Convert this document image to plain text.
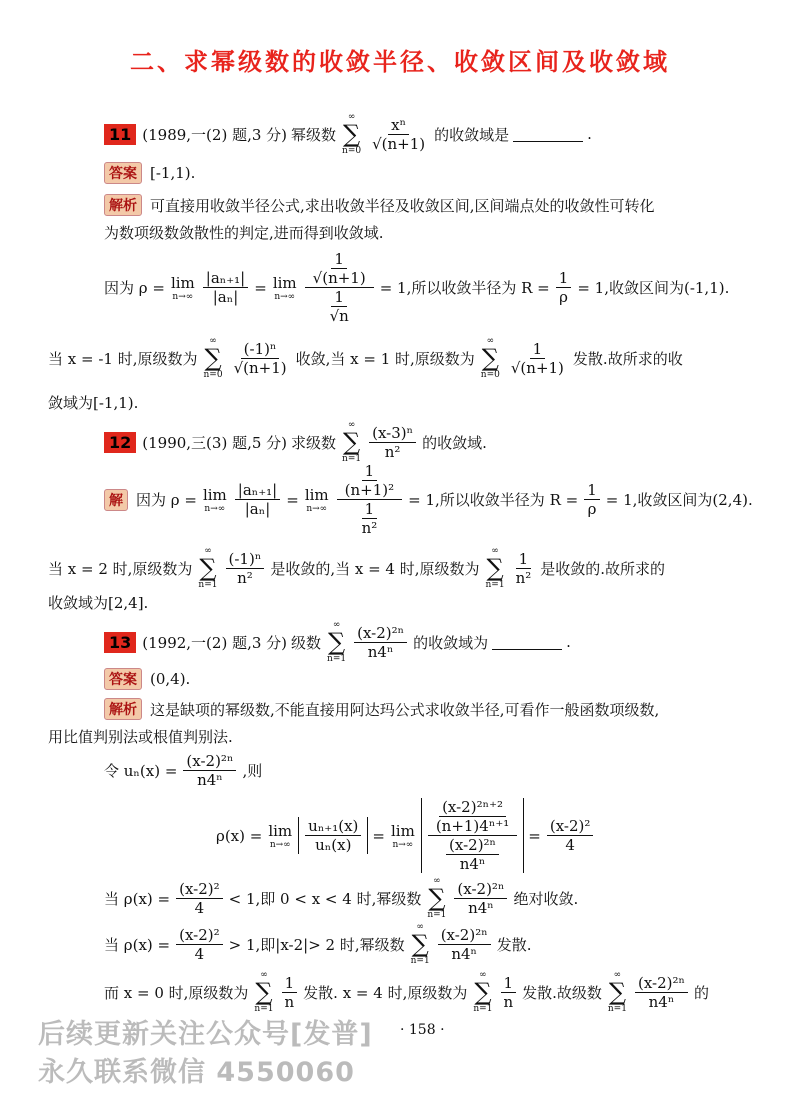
二、求幂级数的收敛半径、收敛区间及收敛域
11 (1989,一(2) 题,3 分) 幂级数
∞
∑
$n=0 \frac{\text{xⁿ}}{√(n+1)}$ 的收敛域是	.
答案 [-1,1).
解析 可直接用收敛半径公式,求出收敛半径及收敛区间,区间端点处的收敛性可转化
为数项级数敛散性的判定,进而得到收敛域.
因为 ρ = lim
$n\to\infty \frac{\text{|aₙ₊₁|}}{\text{|aₙ|}} = \lim$
$n\to\infty \frac{\frac{1}{√(n+1)}}{\frac{1}{√n}} = 1$,所以收敛半径为 $R = \frac{1}{\rho} = 1$,收敛区间为(-1,1).
当 x = -1 时,原级数为
∞
∑
$n=0 \frac{\text{(-1)ⁿ}}{√(n+1)}$ 收敛,当 x = 1 时,原级数为
∞
∑
$n=0 \frac{1}{√(n+1)}$ 发散.故所求的收
敛域为[-1,1).
12 (1990,三(3) 题,5 分) 求级数
∞
∑
$n=1 \frac{\text{(x-3)ⁿ}}{\text{n²}}$ 的收敛域.
解 因为 ρ = lim
$n\to\infty \frac{\text{|aₙ₊₁|}}{\text{|aₙ|}} = \lim$
$n\to\infty \frac{\frac{1}{\text{(n+1)²}}}{\frac{1}{\text{n²}}} = 1$,所以收敛半径为 $R = \frac{1}{\rho} = 1$,收敛区间为(2,4).
当 x = 2 时,原级数为
∞
∑
$n=1 \frac{\text{(-1)ⁿ}}{\text{n²}}$ 是收敛的,当 x = 4 时,原级数为
∞
∑
$n=1 \frac{1}{\text{n²}}$ 是收敛的.故所求的
收敛域为[2,4].
13 (1992,一(2) 题,3 分) 级数
∞
∑
$n=1 \frac{\text{(x-2)²ⁿ}}{\text{n4ⁿ}}$ 的收敛域为	.
答案 (0,4).
解析 这是缺项的幂级数,不能直接用阿达玛公式求收敛半径,可看作一般函数项级数,
用比值判别法或根值判别法.
令 $u_n(x) = \frac{\text{(x-2)²ⁿ}}{\text{n4ⁿ}}$ ,则
ρ(x) = lim
$n\to\infty \frac{\text{uₙ₊₁(x)}}{\text{uₙ(x)}} = \lim$
$n\to\infty \frac{\frac{\text{(x-2)²ⁿ⁺²}}{\text{(n+1)4ⁿ⁺¹}}}{\frac{\text{(x-2)²ⁿ}}{\text{n4ⁿ}}} = \frac{\text{(x-2)²}}{4}$
当 $\rho(x) = \frac{\text{(x-2)²}}{4} < 1$,即 0 < x < 4 时,幂级数
∞
∑
$n=1 \frac{\text{(x-2)²ⁿ}}{\text{n4ⁿ}}$ 绝对收敛.
当 $\rho(x) = \frac{\text{(x-2)²}}{4} > 1$,即|x-2|> 2 时,幂级数
∞
∑
$n=1 \frac{\text{(x-2)²ⁿ}}{\text{n4ⁿ}}$ 发散.
而 x = 0 时,原级数为
∞
∑
$n=1 \frac{1}{n}$ 发散. x = 4 时,原级数为
∞
∑
$n=1 \frac{1}{n}$ 发散.故级数
∞
∑
$n=1 \frac{\text{(x-2)²ⁿ}}{\text{n4ⁿ}}$ 的
· 158 ·
后续更新关注公众号[发普]
永久联系微信 4550060
